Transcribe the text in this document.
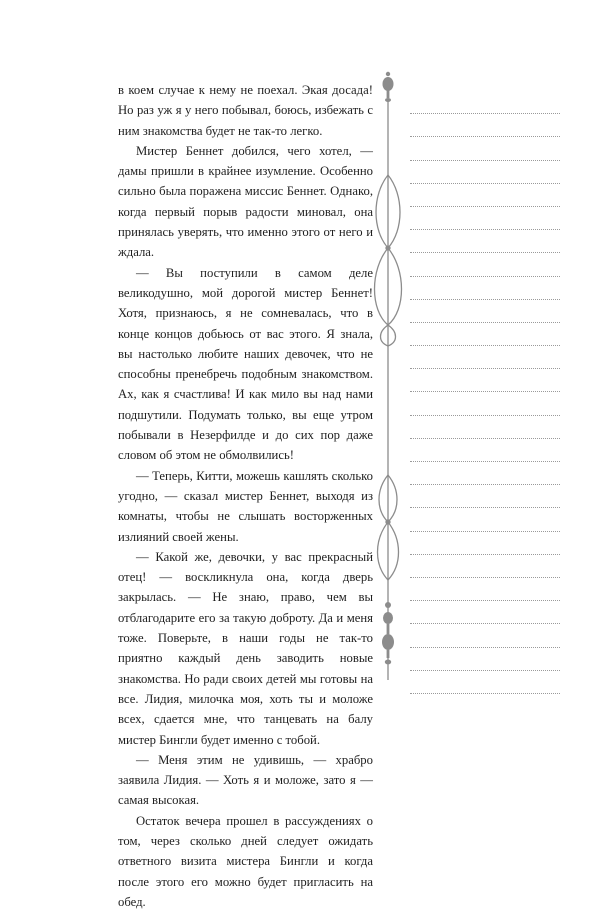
в коем случае к нему не поехал. Экая досада! Но раз уж я у него побывал, боюсь, избежать с ним знакомства будет не так-то легко.

Мистер Беннет добился, чего хотел, — дамы пришли в крайнее изумление. Особенно сильно была поражена миссис Беннет. Однако, когда первый порыв радости миновал, она принялась уверять, что именно этого от него и ждала.

— Вы поступили в самом деле великодушно, мой дорогой мистер Беннет! Хотя, признаюсь, я не сомневалась, что в конце концов добьюсь от вас этого. Я знала, вы настолько любите наших девочек, что не способны пренебречь подобным знакомством. Ах, как я счастлива! И как мило вы над нами подшутили. Подумать только, вы еще утром побывали в Незерфилде и до сих пор даже словом об этом не обмолвились!

— Теперь, Китти, можешь кашлять сколько угодно, — сказал мистер Беннет, выходя из комнаты, чтобы не слышать восторженных излияний своей жены.

— Какой же, девочки, у вас прекрасный отец! — воскликнула она, когда дверь закрылась. — Не знаю, право, чем вы отблагодарите его за такую доброту. Да и меня тоже. Поверьте, в наши годы не так-то приятно каждый день заводить новые знакомства. Но ради своих детей мы готовы на все. Лидия, милочка моя, хоть ты и моложе всех, сдается мне, что танцевать на балу мистер Бингли будет именно с тобой.

— Меня этим не удивишь, — храбро заявила Лидия. — Хоть я и моложе, зато я — самая высокая.

Остаток вечера прошел в рассуждениях о том, через сколько дней следует ожидать ответного визита мистера Бингли и когда после этого его можно будет пригласить на обед.
